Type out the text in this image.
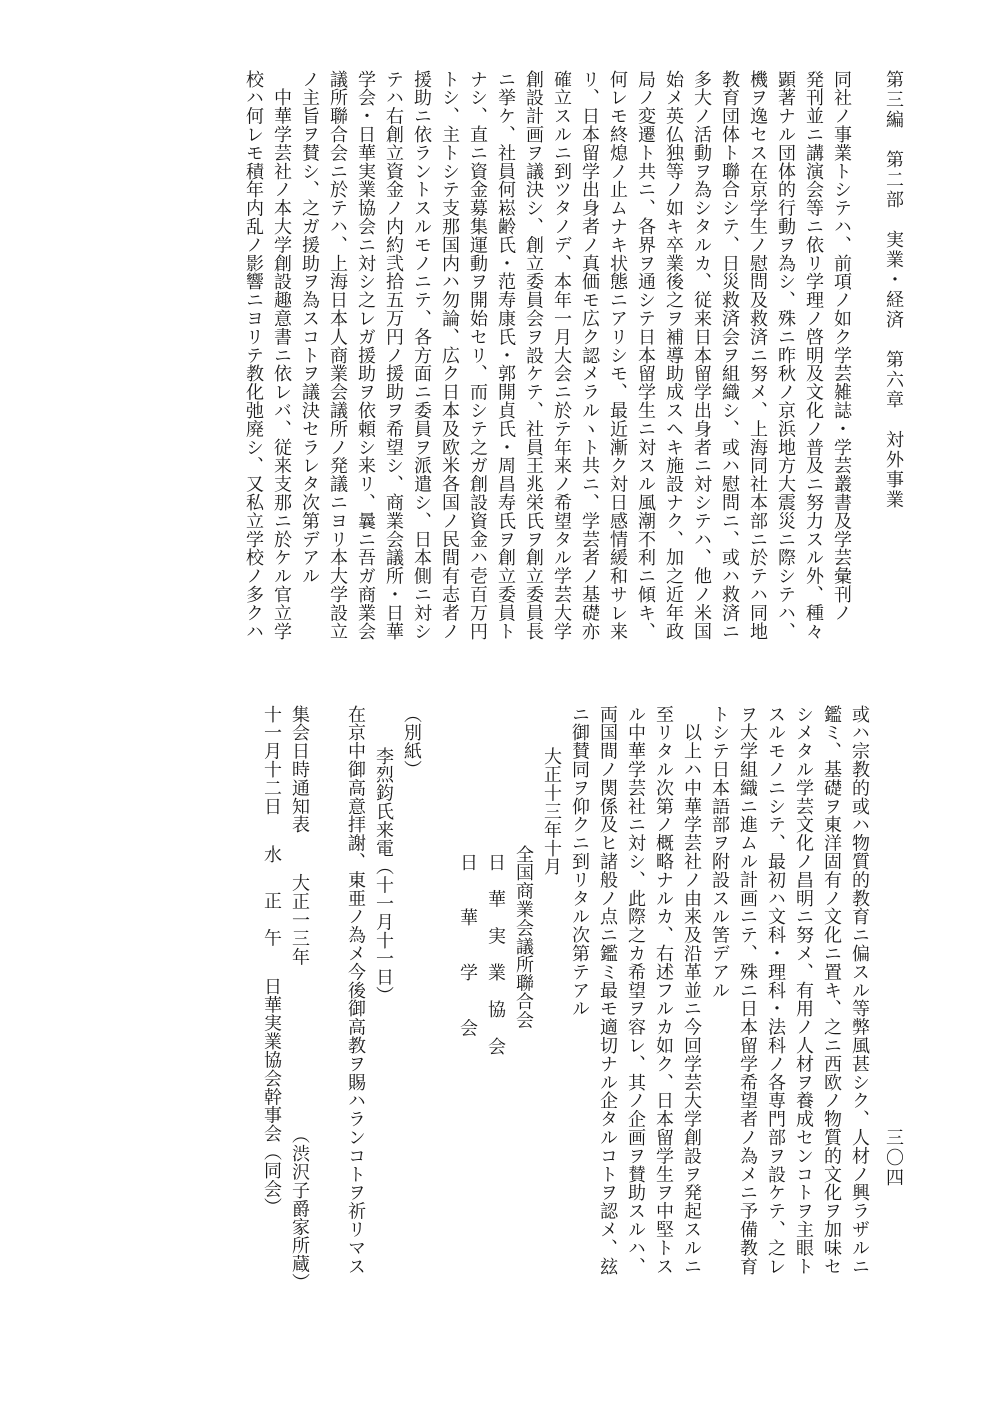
第三編　第二部　実業・経済　第六章　対外事業
三〇四
同社ノ事業トシテハ、前項ノ如ク学芸雑誌・学芸叢書及学芸彙刊ノ
発刊並ニ講演会等ニ依リ学理ノ啓明及文化ノ普及ニ努力スル外、種々
顕著ナル団体的行動ヲ為シ、殊ニ昨秋ノ京浜地方大震災ニ際シテハ、
機ヲ逸セス在京学生ノ慰問及救済ニ努メ、上海同社本部ニ於テハ同地
教育団体ト聯合シテ、日災救済会ヲ組織シ、或ハ慰問ニ、或ハ救済ニ
多大ノ活動ヲ為シタルカ、従来日本留学出身者ニ対シテハ、他ノ米国
始メ英仏独等ノ如キ卒業後之ヲ補導助成スヘキ施設ナク、加之近年政
局ノ変遷ト共ニ、各界ヲ通シテ日本留学生ニ対スル風潮不利ニ傾キ、
何レモ終熄ノ止ムナキ状態ニアリシモ、最近漸ク対日感情緩和サレ来
リ、日本留学出身者ノ真価モ広ク認メラルヽト共ニ、学芸者ノ基礎亦
確立スルニ到ツタノデ、本年一月大会ニ於テ年来ノ希望タル学芸大学
創設計画ヲ議決シ、創立委員会ヲ設ケテ、社員王兆栄氏ヲ創立委員長
ニ挙ケ、社員何崧齢氏・范寿康氏・郭開貞氏・周昌寿氏ヲ創立委員ト
ナシ、直ニ資金募集運動ヲ開始セリ、而シテ之ガ創設資金ハ壱百万円
トシ、主トシテ支那国内ハ勿論、広ク日本及欧米各国ノ民間有志者ノ
援助ニ依ラントスルモノニテ、各方面ニ委員ヲ派遣シ、日本側ニ対シ
テハ右創立資金ノ内約弐拾五万円ノ援助ヲ希望シ、商業会議所・日華
学会・日華実業協会ニ対シ之レガ援助ヲ依頼シ来リ、曩ニ吾ガ商業会
議所聯合会ニ於テハ、上海日本人商業会議所ノ発議ニヨリ本大学設立
ノ主旨ヲ賛シ、之ガ援助ヲ為スコトヲ議決セラレタ次第デアル
　中華学芸社ノ本大学創設趣意書ニ依レバ、従来支那ニ於ケル官立学
校ハ何レモ積年内乱ノ影響ニヨリテ教化弛廃シ、又私立学校ノ多クハ
或ハ宗教的或ハ物質的教育ニ偏スル等弊風甚シク、人材ノ興ラザルニ
鑑ミ、基礎ヲ東洋固有ノ文化ニ置キ、之ニ西欧ノ物質的文化ヲ加味セ
シメタル学芸文化ノ昌明ニ努メ、有用ノ人材ヲ養成センコトヲ主眼ト
スルモノニシテ、最初ハ文科・理科・法科ノ各専門部ヲ設ケテ、之レ
ヲ大学組織ニ進ムル計画ニテ、殊ニ日本留学希望者ノ為メニ予備教育
トシテ日本語部ヲ附設スル筈デアル
　以上ハ中華学芸社ノ由来及沿革並ニ今回学芸大学創設ヲ発起スルニ
至リタル次第ノ概略ナルカ、右述フルカ如ク、日本留学生ヲ中堅トス
ル中華学芸社ニ対シ、此際之カ希望ヲ容レ、其ノ企画ヲ賛助スルハ、
両国間ノ関係及ヒ諸般ノ点ニ鑑ミ最モ適切ナル企タルコトヲ認メ、玆
ニ御賛同ヲ仰クニ到リタル次第テアル
大正十三年十月
全国商業会議所聯合会
日　華　実　業　協　会
日　　華　　学　　会
（別紙）
李烈鈞氏来電（十一月十一日）
在京中御高意拝謝、東亜ノ為メ今後御高教ヲ賜ハランコトヲ祈リマス
集会日時通知表大正一三年（渋沢子爵家所蔵）
十一月十二日水正　午日華実業協会幹事会（同会）
